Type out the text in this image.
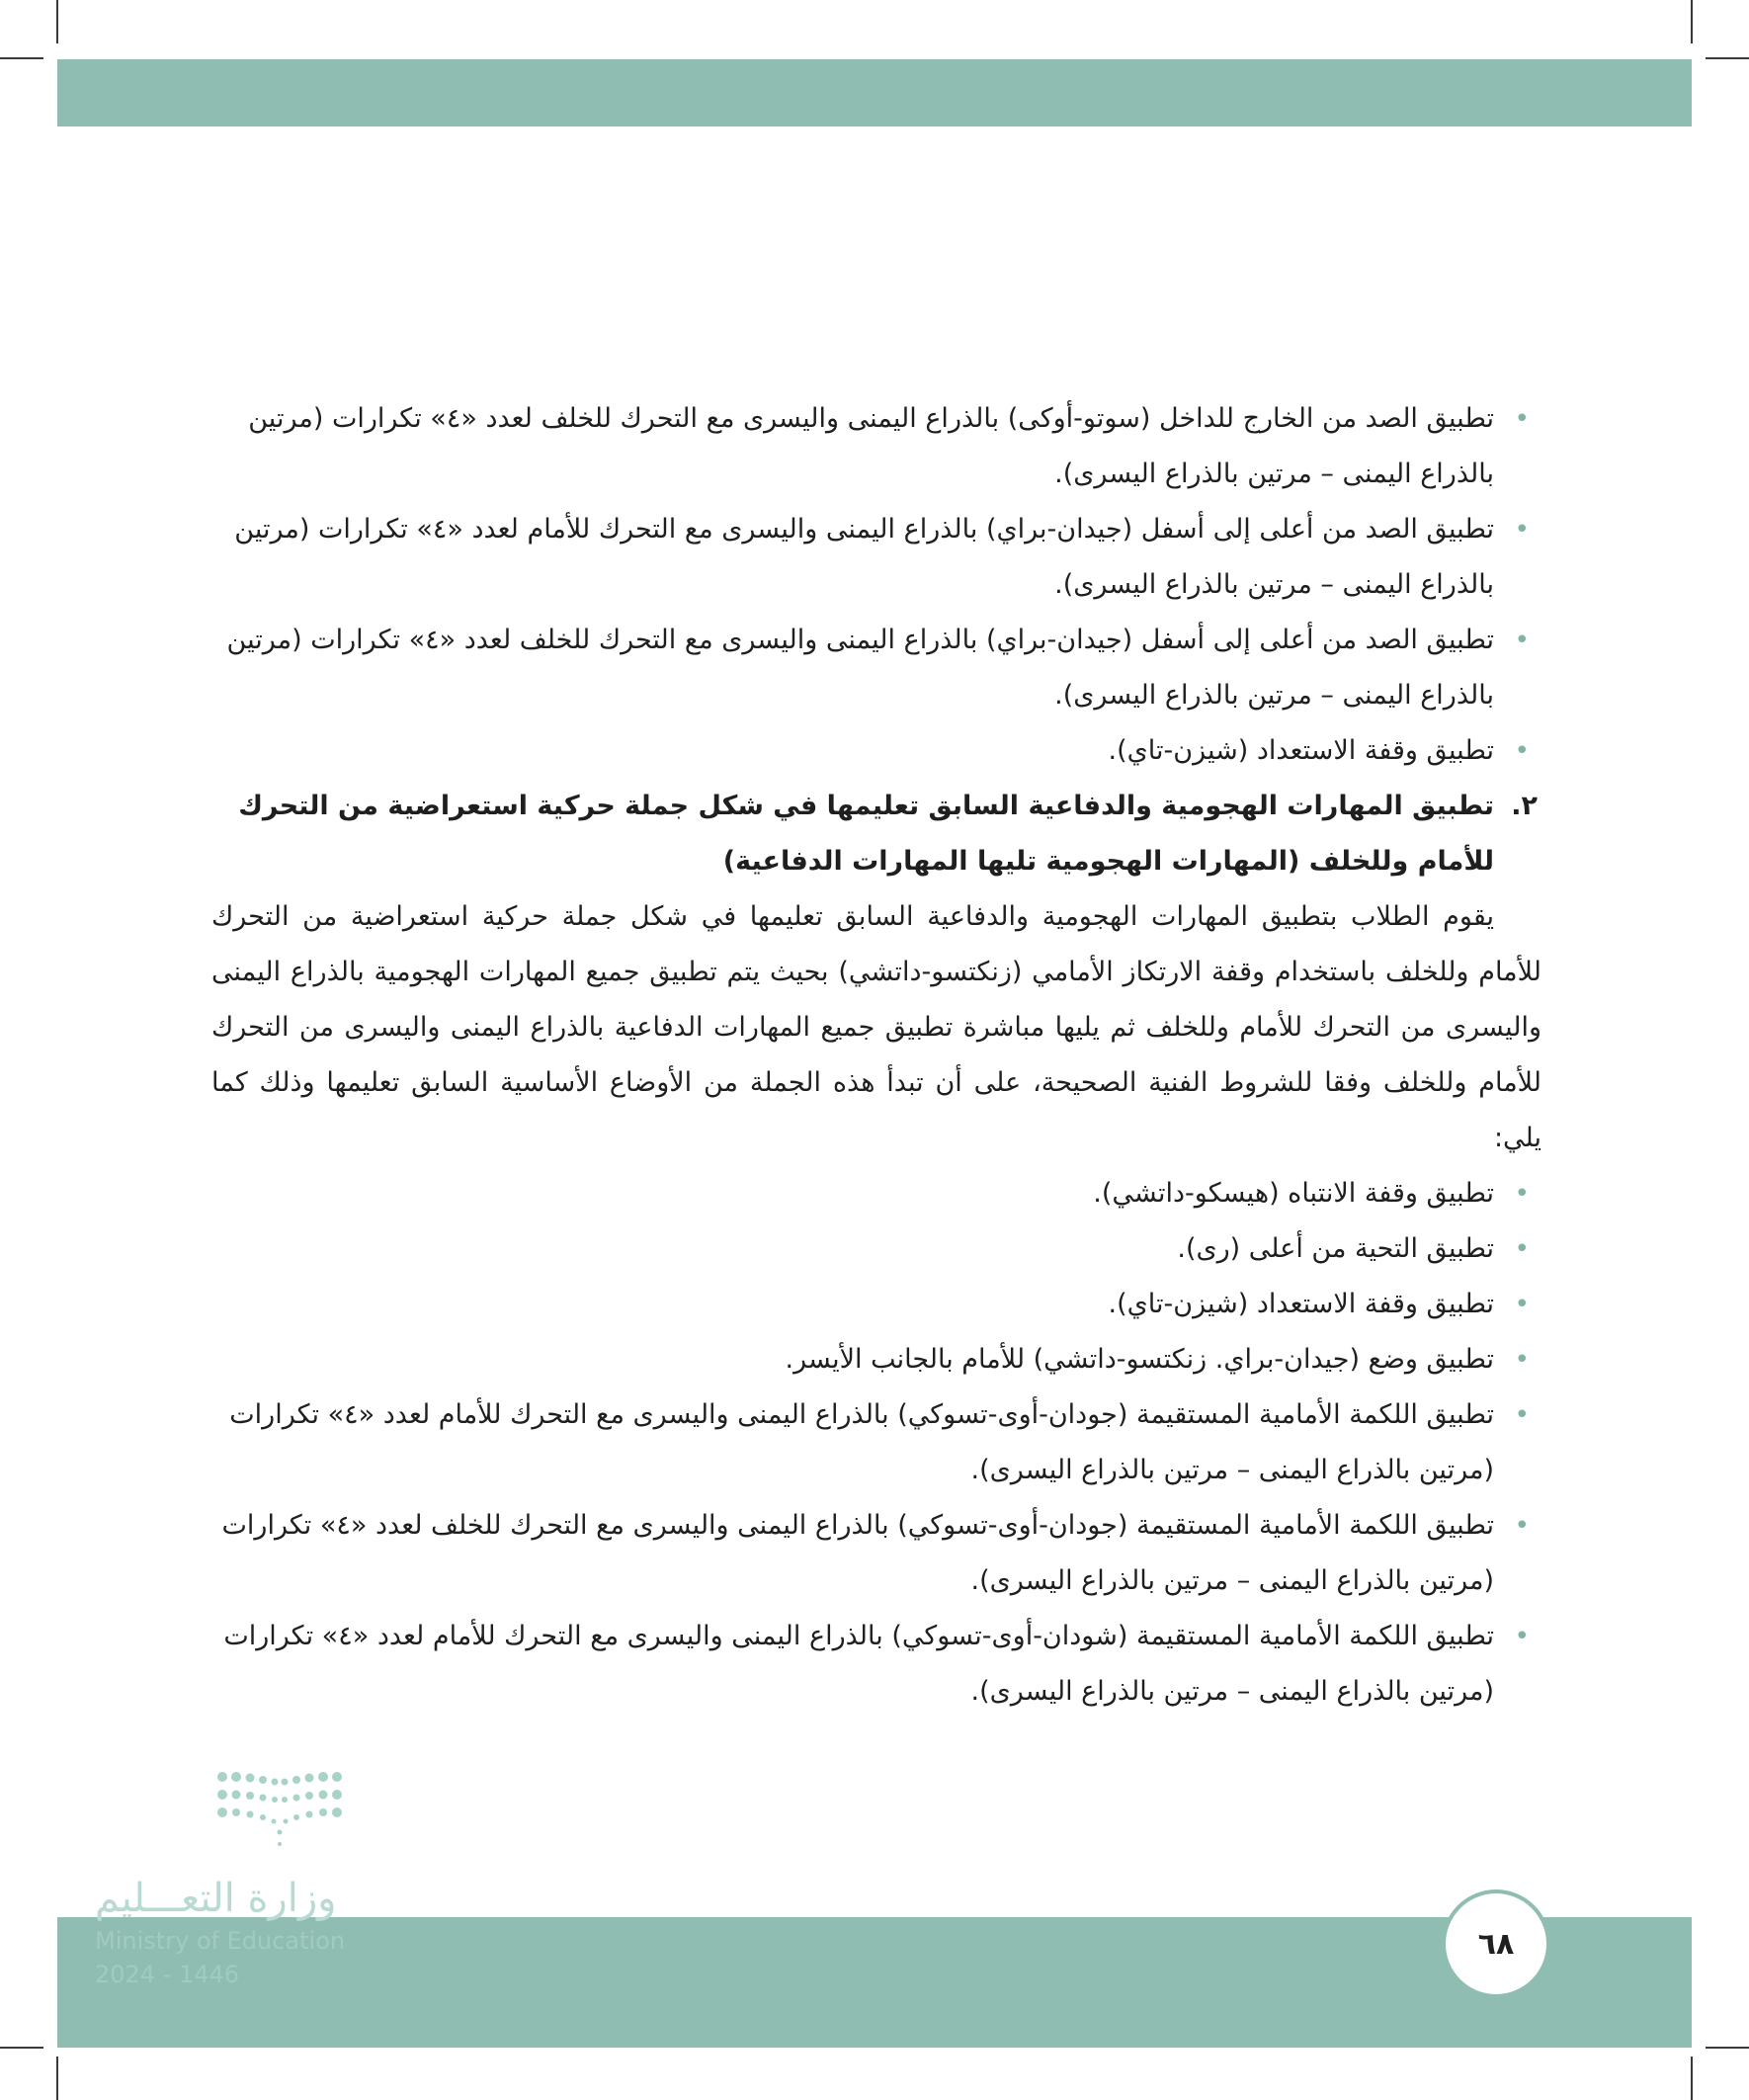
• تطبيق الصد من الخارج للداخل (سوتو-أوكى) بالذراع اليمنى واليسرى مع التحرك للخلف لعدد «٤» تكرارات (مرتين بالذراع اليمنى – مرتين بالذراع اليسرى).
• تطبيق الصد من أعلى إلى أسفل (جيدان-براي) بالذراع اليمنى واليسرى مع التحرك للأمام لعدد «٤» تكرارات (مرتين بالذراع اليمنى – مرتين بالذراع اليسرى).
• تطبيق الصد من أعلى إلى أسفل (جيدان-براي) بالذراع اليمنى واليسرى مع التحرك للخلف لعدد «٤» تكرارات (مرتين بالذراع اليمنى – مرتين بالذراع اليسرى).
• تطبيق وقفة الاستعداد (شيزن-تاي).
٢.
تطبيق المهارات الهجومية والدفاعية السابق تعليمها في شكل جملة حركية استعراضية من التحرك للأمام وللخلف (المهارات الهجومية تليها المهارات الدفاعية)

يقوم الطلاب بتطبيق المهارات الهجومية والدفاعية السابق تعليمها في شكل جملة حركية استعراضية من التحرك للأمام وللخلف باستخدام وقفة الارتكاز الأمامي (زنكتسو-داتشي) بحيث يتم تطبيق جميع المهارات الهجومية بالذراع اليمنى واليسرى من التحرك للأمام وللخلف ثم يليها مباشرة تطبيق جميع المهارات الدفاعية بالذراع اليمنى واليسرى من التحرك للأمام وللخلف وفقا للشروط الفنية الصحيحة، على أن تبدأ هذه الجملة من الأوضاع الأساسية السابق تعليمها وذلك كما يلي:

• تطبيق وقفة الانتباه (هيسكو-داتشي).
• تطبيق التحية من أعلى (رى).
• تطبيق وقفة الاستعداد (شيزن-تاي).
• تطبيق وضع (جيدان-براي. زنكتسو-داتشي) للأمام بالجانب الأيسر.
• تطبيق اللكمة الأمامية المستقيمة (جودان-أوى-تسوكي) بالذراع اليمنى واليسرى مع التحرك للأمام لعدد «٤» تكرارات (مرتين بالذراع اليمنى – مرتين بالذراع اليسرى).
• تطبيق اللكمة الأمامية المستقيمة (جودان-أوى-تسوكي) بالذراع اليمنى واليسرى مع التحرك للخلف لعدد «٤» تكرارات (مرتين بالذراع اليمنى – مرتين بالذراع اليسرى).
• تطبيق اللكمة الأمامية المستقيمة (شودان-أوى-تسوكي) بالذراع اليمنى واليسرى مع التحرك للأمام لعدد «٤» تكرارات (مرتين بالذراع اليمنى – مرتين بالذراع اليسرى).
وزارة التعـــليم
Ministry of Education
2024 - 1446
٦٨
